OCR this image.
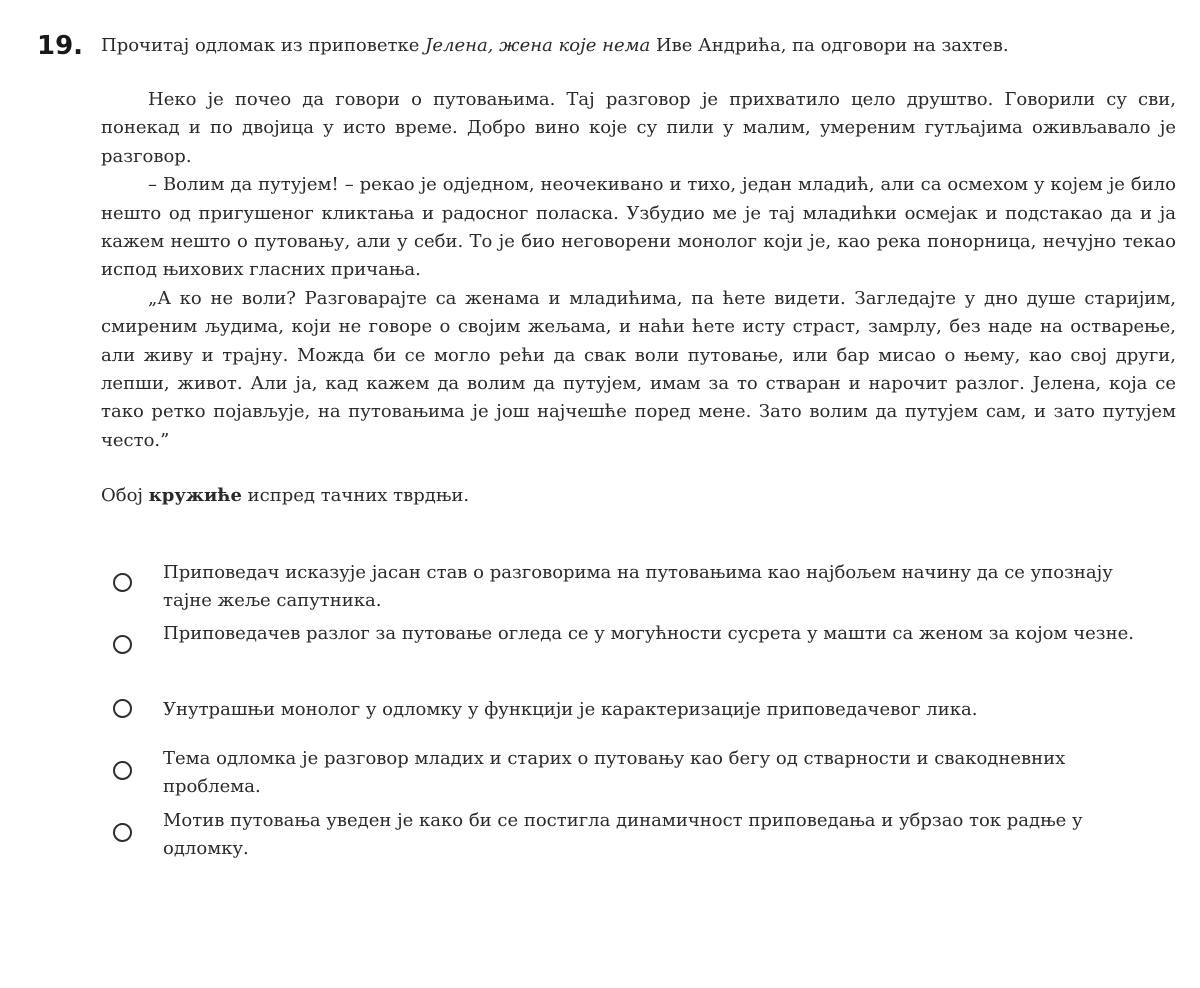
19. Прочитај одломак из приповетке Јелена, жена које нема Иве Андрића, па одговори на захтев.

Неко је почео да говори о путовањима. Тај разговор је прихватило цело друштво. Говорили су сви, понекад и по двојица у исто време. Добро вино које су пили у малим, умереним гутљајима оживљавало је разговор.

– Волим да путујем! – рекао је одједном, неочекивано и тихо, један младић, али са осмехом у којем је било нешто од пригушеног кликтања и радосног поласка. Узбудио ме је тај младићки осмејак и подстакао да и ја кажем нешто о путовању, али у себи. То је био неговорени монолог који је, као река понорница, нечујно текао испод њихових гласних причања.

„А ко не воли? Разговарајте са женама и младићима, па ћете видети. Загледајте у дно душе старијим, смиреним људима, који не говоре о својим жељама, и наћи ћете исту страст, замрлу, без наде на остварење, али живу и трајну. Можда би се могло рећи да свак воли путовање, или бар мисао о њему, као свој други, лепши, живот. Али ја, кад кажем да волим да путујем, имам за то стваран и нарочит разлог. Јелена, која се тако ретко појављује, на путовањима је још најчешће поред мене. Зато волим да путујем сам, и зато путујем често.”

Обој кружиће испред тачних тврдњи.
Приповедач исказује јасан став о разговорима на путовањима као најбољем начину да се упознају тајне жеље сапутника.
Приповедачев разлог за путовање огледа се у могућности сусрета у машти са женом за којом чезне.
Унутрашњи монолог у одломку у функцији је карактеризације приповедачевог лика.
Тема одломка је разговор младих и старих о путовању као бегу од стварности и свакодневних проблема.
Мотив путовања уведен је како би се постигла динамичност приповедања и убрзао ток радње у одломку.
